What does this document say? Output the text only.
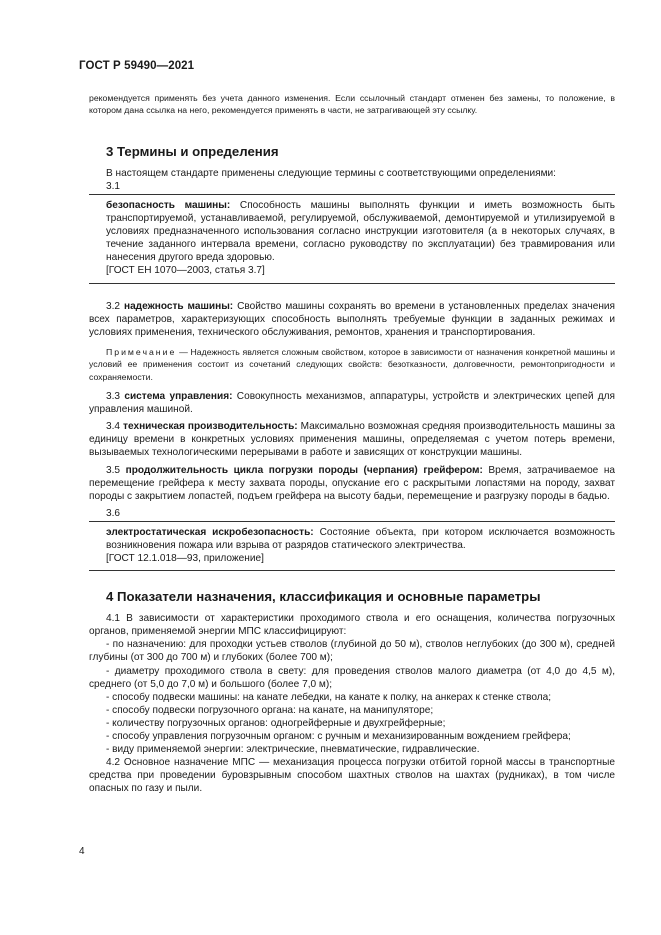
ГОСТ Р 59490—2021

рекомендуется применять без учета данного изменения. Если ссылочный стандарт отменен без замены, то положение, в котором дана ссылка на него, рекомендуется применять в части, не затрагивающей эту ссылку.

3 Термины и определения

В настоящем стандарте применены следующие термины с соответствующими определениями:

3.1

безопасность машины: Способность машины выполнять функции и иметь возможность быть транспортируемой, устанавливаемой, регулируемой, обслуживаемой, демонтируемой и утилизируемой в условиях предназначенного использования согласно инструкции изготовителя (а в некоторых случаях, в течение заданного интервала времени, согласно руководству по эксплуатации) без травмирования или нанесения другого вреда здоровью.

[ГОСТ ЕН 1070—2003, статья 3.7]

3.2 надежность машины: Свойство машины сохранять во времени в установленных пределах значения всех параметров, характеризующих способность выполнять требуемые функции в заданных режимах и условиях применения, технического обслуживания, ремонтов, хранения и транспортирования.

Примечание — Надежность является сложным свойством, которое в зависимости от назначения конкретной машины и условий ее применения состоит из сочетаний следующих свойств: безотказности, долговечности, ремонтопригодности и сохраняемости.

3.3 система управления: Совокупность механизмов, аппаратуры, устройств и электрических цепей для управления машиной.

3.4 техническая производительность: Максимально возможная средняя производительность машины за единицу времени в конкретных условиях применения машины, определяемая с учетом потерь времени, вызываемых технологическими перерывами в работе и зависящих от конструкции машины.

3.5 продолжительность цикла погрузки породы (черпания) грейфером: Время, затрачиваемое на перемещение грейфера к месту захвата породы, опускание его с раскрытыми лопастями на породу, захват породы с закрытием лопастей, подъем грейфера на высоту бадьи, перемещение и разгрузку породы в бадью.

3.6

электростатическая искробезопасность: Состояние объекта, при котором исключается возможность возникновения пожара или взрыва от разрядов статического электричества.

[ГОСТ 12.1.018—93, приложение]

4 Показатели назначения, классификация и основные параметры

4.1 В зависимости от характеристики проходимого ствола и его оснащения, количества погрузочных органов, применяемой энергии МПС классифицируют:

- по назначению: для проходки устьев стволов (глубиной до 50 м), стволов неглубоких (до 300 м), средней глубины (от 300 до 700 м) и глубоких (более 700 м);

- диаметру проходимого ствола в свету: для проведения стволов малого диаметра (от 4,0 до 4,5 м), среднего (от 5,0 до 7,0 м) и большого (более 7,0 м);

- способу подвески машины: на канате лебедки, на канате к полку, на анкерах к стенке ствола;

- способу подвески погрузочного органа: на канате, на манипуляторе;

- количеству погрузочных органов: одногрейферные и двухгрейферные;

- способу управления погрузочным органом: с ручным и механизированным вождением грейфера;

- виду применяемой энергии: электрические, пневматические, гидравлические.

4.2 Основное назначение МПС — механизация процесса погрузки отбитой горной массы в транспортные средства при проведении буровзрывным способом шахтных стволов на шахтах (рудниках), в том числе опасных по газу и пыли.

4
